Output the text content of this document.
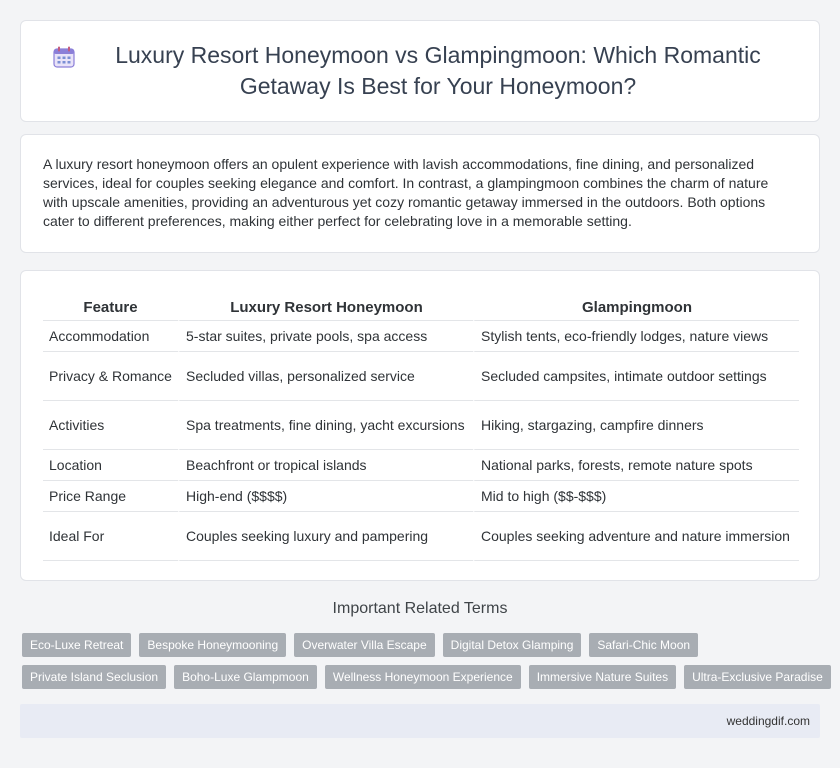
Luxury Resort Honeymoon vs Glampingmoon: Which Romantic Getaway Is Best for Your Honeymoon?

A luxury resort honeymoon offers an opulent experience with lavish accommodations, fine dining, and personalized services, ideal for couples seeking elegance and comfort. In contrast, a glampingmoon combines the charm of nature with upscale amenities, providing an adventurous yet cozy romantic getaway immersed in the outdoors. Both options cater to different preferences, making either perfect for celebrating love in a memorable setting.

Feature	Luxury Resort Honeymoon	Glampingmoon
Accommodation	5-star suites, private pools, spa access	Stylish tents, eco-friendly lodges, nature views
Privacy & Romance	Secluded villas, personalized service	Secluded campsites, intimate outdoor settings
Activities	Spa treatments, fine dining, yacht excursions	Hiking, stargazing, campfire dinners
Location	Beachfront or tropical islands	National parks, forests, remote nature spots
Price Range	High-end ($$$$)	Mid to high ($$-$$$)
Ideal For	Couples seeking luxury and pampering	Couples seeking adventure and nature immersion
Important Related Terms
Eco-Luxe Retreat	Bespoke Honeymooning	Overwater Villa Escape	Digital Detox Glamping	Safari-Chic Moon
Private Island Seclusion	Boho-Luxe Glampmoon	Wellness Honeymoon Experience	Immersive Nature Suites	Ultra-Exclusive Paradise
weddingdif.com
